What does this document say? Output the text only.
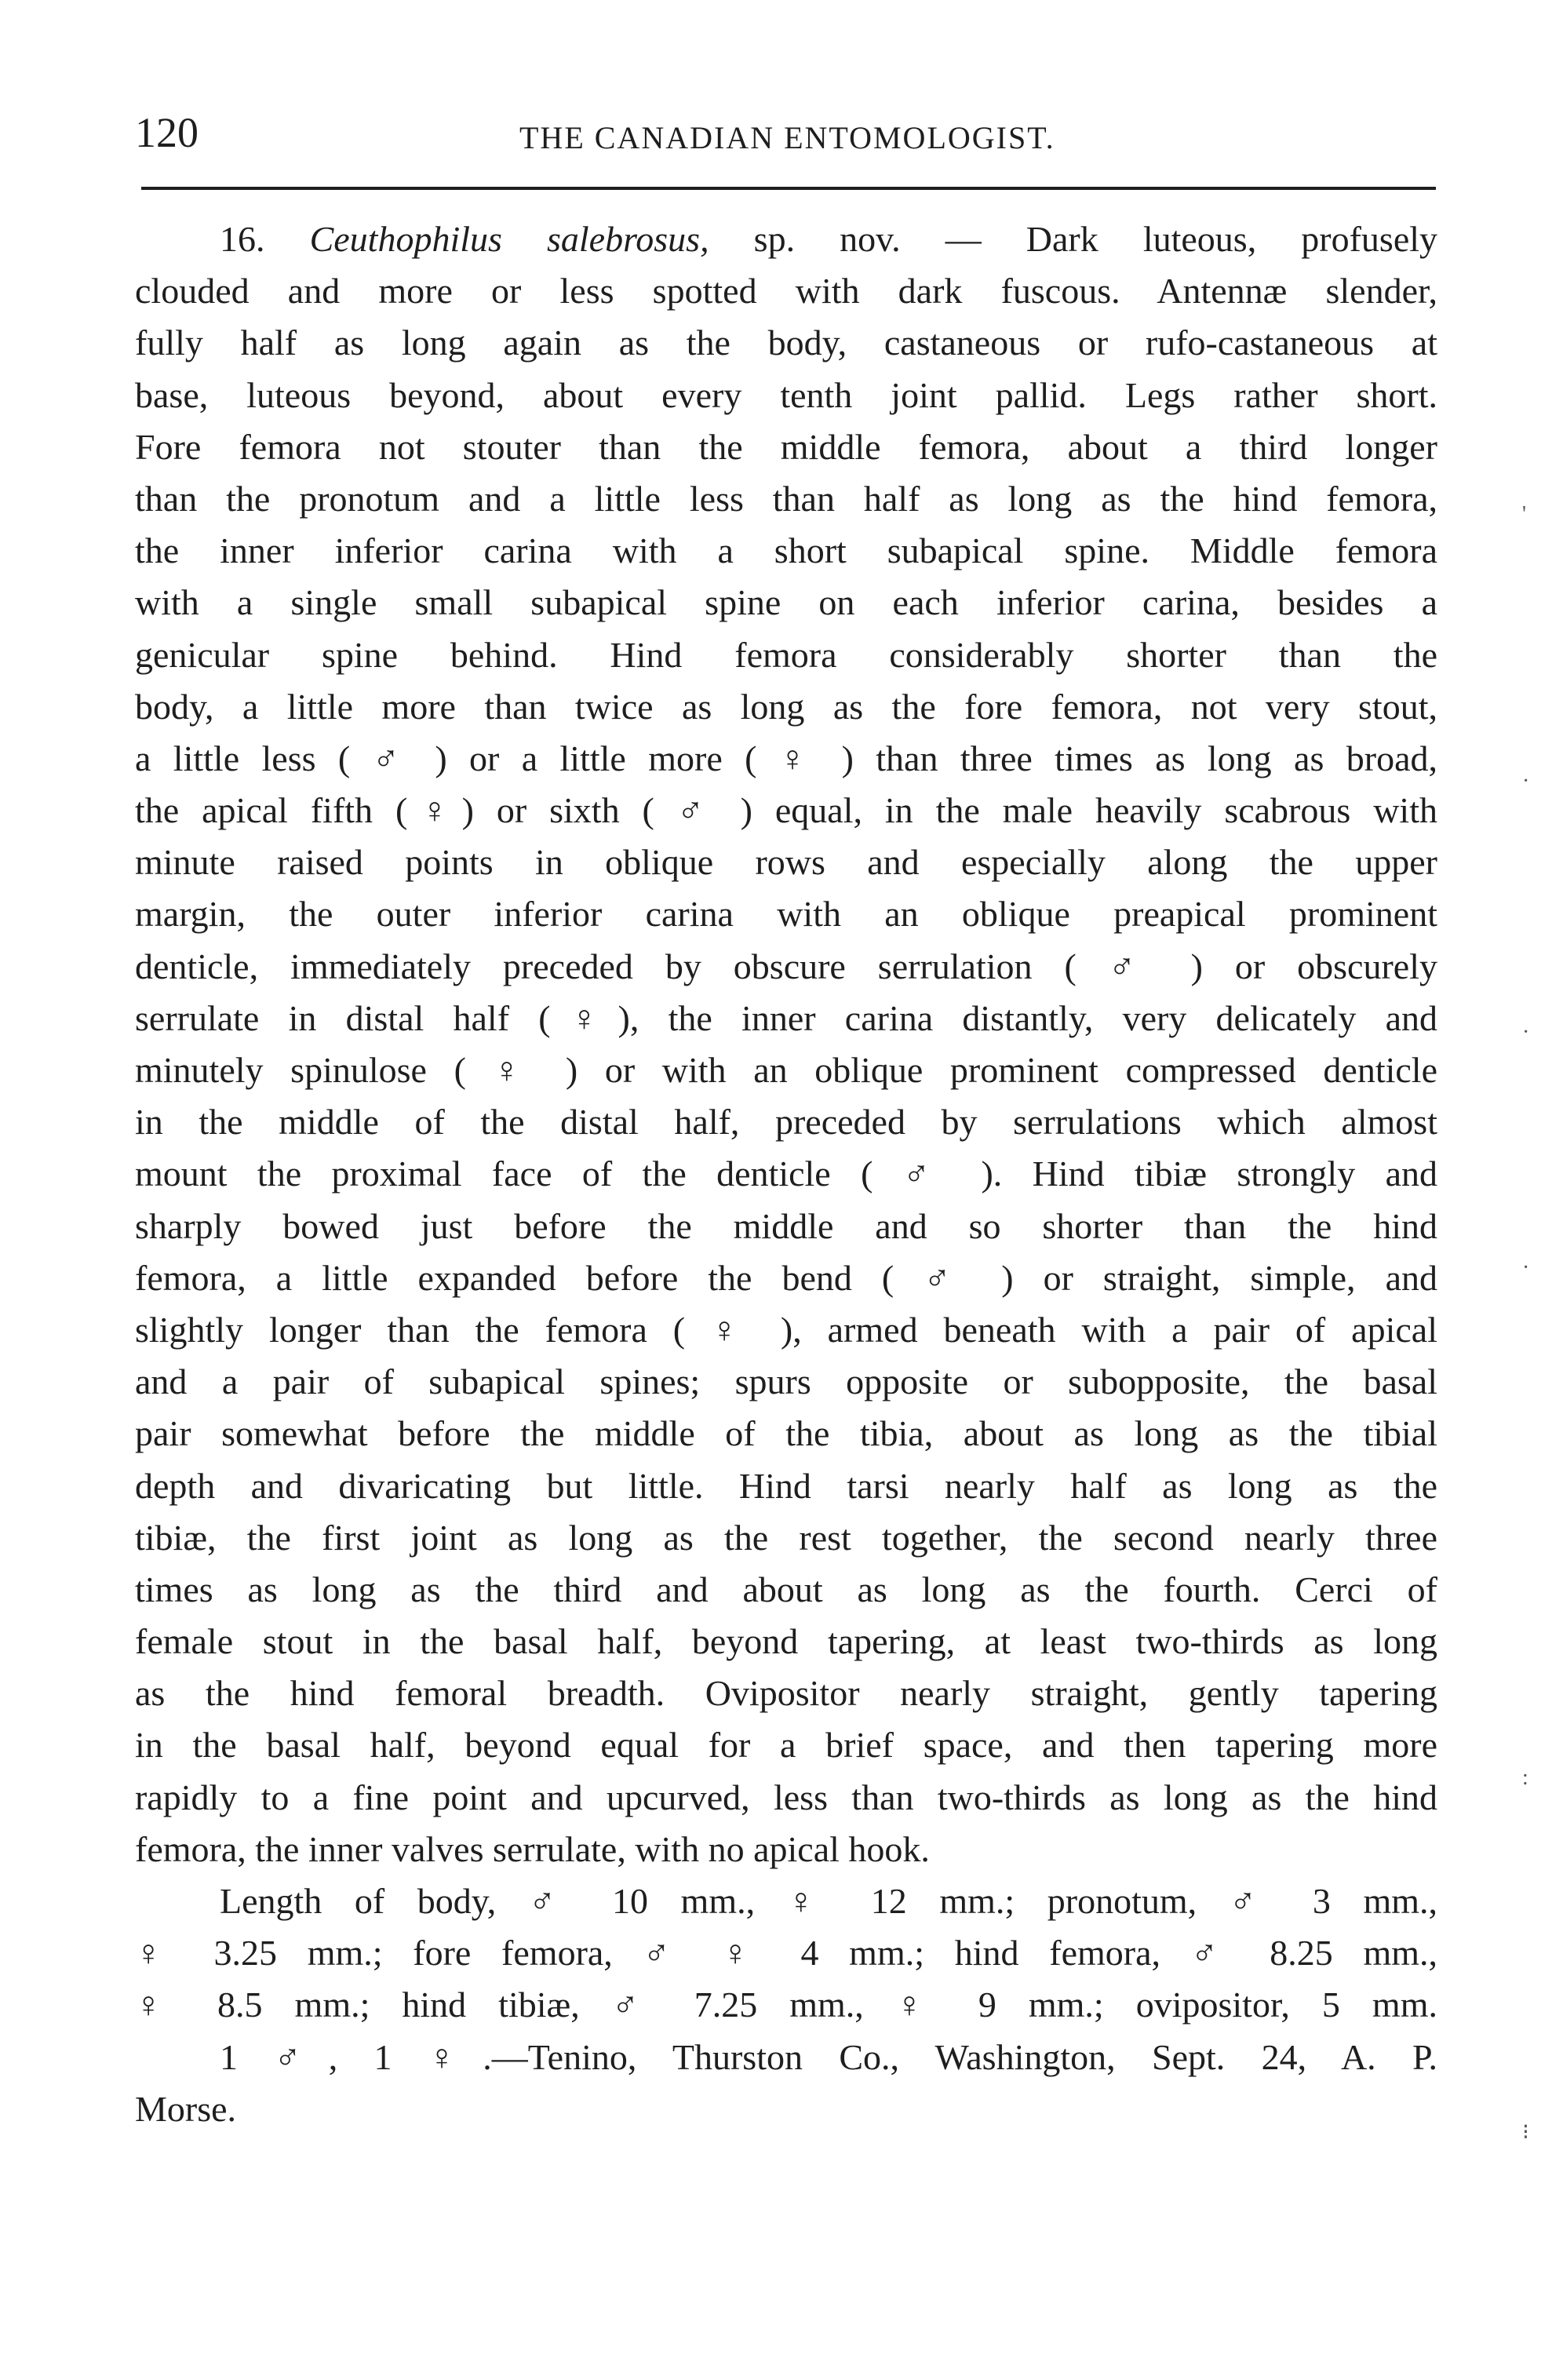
120	THE CANADIAN ENTOMOLOGIST.

16. Ceuthophilus salebrosus, sp. nov. — Dark luteous, profusely

clouded and more or less spotted with dark fuscous. Antennæ slender,

fully half as long again as the body, castaneous or rufo-castaneous at

base, luteous beyond, about every tenth joint pallid. Legs rather short.

Fore femora not stouter than the middle femora, about a third longer

than the pronotum and a little less than half as long as the hind femora,

the inner inferior carina with a short subapical spine. Middle femora

with a single small subapical spine on each inferior carina, besides a

genicular spine behind. Hind femora considerably shorter than the

body, a little more than twice as long as the fore femora, not very stout,

a little less ( ♂ ) or a little more ( ♀ ) than three times as long as broad,

the apical fifth (♀) or sixth ( ♂ ) equal, in the male heavily scabrous with

minute raised points in oblique rows and especially along the upper

margin, the outer inferior carina with an oblique preapical prominent

denticle, immediately preceded by obscure serrulation ( ♂ ) or obscurely

serrulate in distal half (♀), the inner carina distantly, very delicately and

minutely spinulose ( ♀ ) or with an oblique prominent compressed denticle

in the middle of the distal half, preceded by serrulations which almost

mount the proximal face of the denticle ( ♂ ). Hind tibiæ strongly and

sharply bowed just before the middle and so shorter than the hind

femora, a little expanded before the bend ( ♂ ) or straight, simple, and

slightly longer than the femora ( ♀ ), armed beneath with a pair of apical

and a pair of subapical spines; spurs opposite or subopposite, the basal

pair somewhat before the middle of the tibia, about as long as the tibial

depth and divaricating but little. Hind tarsi nearly half as long as the

tibiæ, the first joint as long as the rest together, the second nearly three

times as long as the third and about as long as the fourth. Cerci of

female stout in the basal half, beyond tapering, at least two-thirds as long

as the hind femoral breadth. Ovipositor nearly straight, gently tapering

in the basal half, beyond equal for a brief space, and then tapering more

rapidly to a fine point and upcurved, less than two-thirds as long as the hind

femora, the inner valves serrulate, with no apical hook.

Length of body, ♂ 10 mm., ♀ 12 mm.; pronotum, ♂ 3 mm.,

♀ 3.25 mm.; fore femora, ♂ ♀ 4 mm.; hind femora, ♂ 8.25 mm.,

♀ 8.5 mm.; hind tibiæ, ♂ 7.25 mm., ♀ 9 mm.; ovipositor, 5 mm.

1 ♂, 1 ♀.—Tenino, Thurston Co., Washington, Sept. 24, A. P.

Morse.

'
·
·
·
:
⁝
